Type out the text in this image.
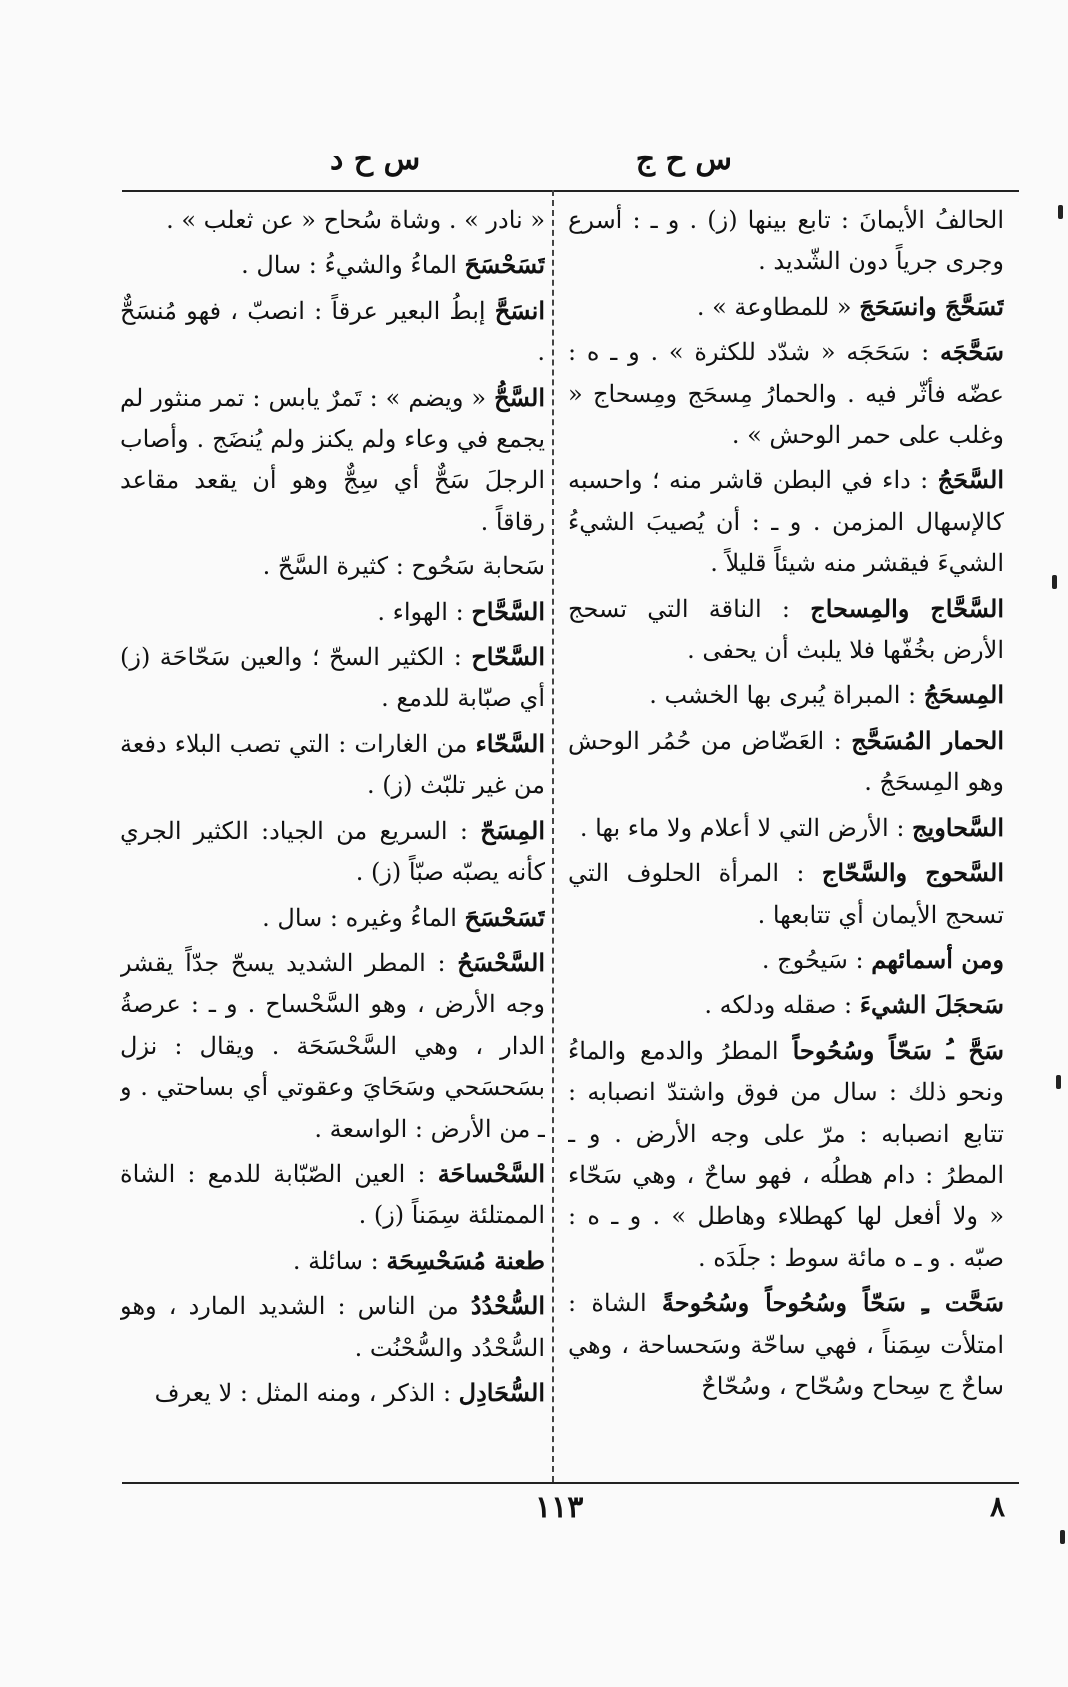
س ح ج
س ح د
الحالفُ الأيمانَ : تابع بينها (ز) . و ـ : أسرع وجرى جرياً دون الشّديد .
تَسَحَّجَ وانسَحَجَ « للمطاوعة » .
سَحَّجَه : سَحَجَه « شدّد للكثرة » . و ـ ه : عضّه فأثّر فيه . والحمارُ مِسحَج ومِسحاج « وغلب على حمر الوحش » .
السَّحَجُ : داء في البطن قاشر منه ؛ واحسبه كالإسهال المزمن . و ـ : أن يُصيبَ الشيءُ الشيءَ فيقشر منه شيئاً قليلاً .
السَّحَّاج والمِسحاج : الناقة التي تسحج الأرض بخُفّها فلا يلبث أن يحفى .
المِسحَجُ : المبراة يُبرى بها الخشب .
الحمار المُسَحَّج : العَضّاض من حُمُر الوحش وهو المِسحَجُ .
السَّحاويج : الأرض التي لا أعلام ولا ماء بها .
السَّحوج والسَّحّاج : المرأة الحلوف التي تسحج الأيمان أي تتابعها .
ومن أسمائهم : سَيحُوج .
سَحجَلَ الشيءَ : صقله ودلكه .
سَحَّ ـُ سَحّاً وسُحُوحاً المطرُ والدمع والماءُ ونحو ذلك : سال من فوق واشتدّ انصبابه : تتابع انصبابه : مرّ على وجه الأرض . و ـ المطرُ : دام هطلُه ، فهو ساحٌ ، وهي سَحّاء « ولا أفعل لها كهطلاء وهاطل » . و ـ ه : صبّه . و ـ ه مائة سوط : جلَدَه .
سَحَّت ـِ سَحّاً وسُحُوحاً وسُحُوحةً الشاة : امتلأت سِمَناً ، فهي ساحّة وسَحساحة ، وهي ساحٌ ج سِحاح وسُحّاح ، وسُحّاحٌ
« نادر » . وشاة سُحاح « عن ثعلب » .
تَسَحْسَحَ الماءُ والشيءُ : سال .
انسَحَّ إبطُ البعير عرقاً : انصبّ ، فهو مُنسَحٌّ .
السَّحُّ « ويضم » : تَمرٌ يابس : تمر منثور لم يجمع في وعاء ولم يكنز ولم يُنضَج . وأصاب الرجلَ سَحٌّ أي سِجٌّ وهو أن يقعد مقاعد رقاقاً .
سَحابة سَحُوح : كثيرة السَّحّ .
السَّحَّاح : الهواء .
السَّحّاح : الكثير السحّ ؛ والعين سَحّاحَة (ز) أي صبّابة للدمع .
السَّحّاء من الغارات : التي تصب البلاء دفعة من غير تلبّث (ز) .
المِسَحّ : السريع من الجياد: الكثير الجري كأنه يصبّه صبّاً (ز) .
تَسَحْسَحَ الماءُ وغيره : سال .
السَّحْسَحُ : المطر الشديد يسحّ جدّاً يقشر وجه الأرض ، وهو السَّحْساح . و ـ : عرصةُ الدار ، وهي السَّحْسَحَة . ويقال : نزل بسَحسَحي وسَحَايَ وعقوتي أي بساحتي . و ـ من الأرض : الواسعة .
السَّحْساحَة : العين الصّبّابة للدمع : الشاة الممتلئة سِمَناً (ز) .
طعنة مُسَحْسِحَة : سائلة .
السُّحْدُدُ من الناس : الشديد المارد ، وهو السُّحْدُد والسُّحْنُت .
السُّحَادِل : الذكر ، ومنه المثل : لا يعرف
١١٣	٨
